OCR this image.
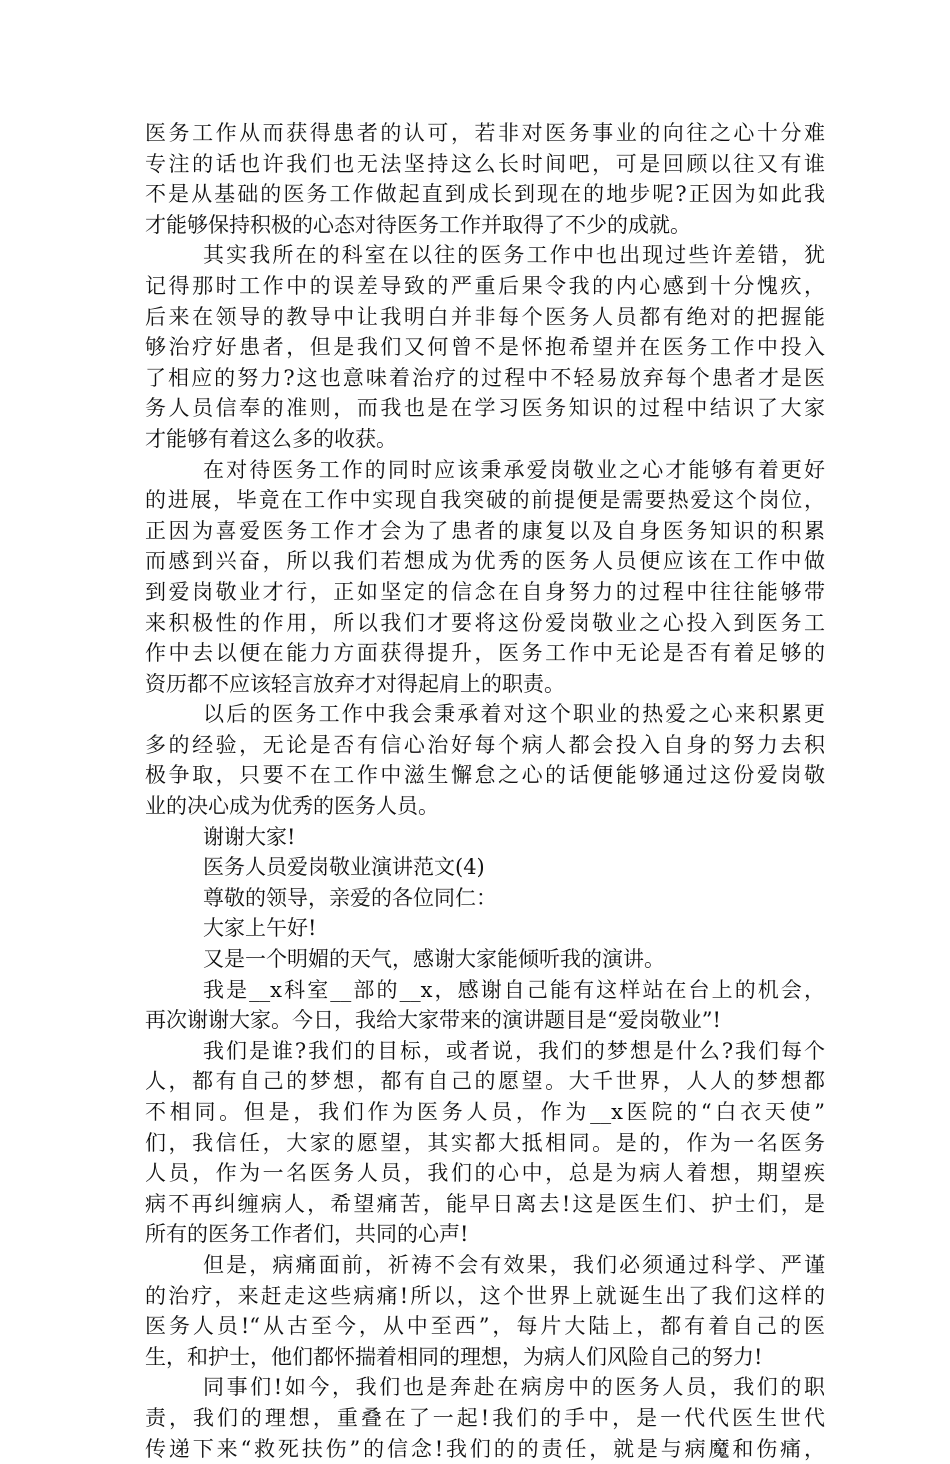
医务工作从而获得患者的认可，若非对医务事业的向往之心十分难
专注的话也许我们也无法坚持这么长时间吧，可是回顾以往又有谁
不是从基础的医务工作做起直到成长到现在的地步呢?正因为如此我
才能够保持积极的心态对待医务工作并取得了不少的成就。
其实我所在的科室在以往的医务工作中也出现过些许差错，犹
记得那时工作中的误差导致的严重后果令我的内心感到十分愧疚，
后来在领导的教导中让我明白并非每个医务人员都有绝对的把握能
够治疗好患者，但是我们又何曾不是怀抱希望并在医务工作中投入
了相应的努力?这也意味着治疗的过程中不轻易放弃每个患者才是医
务人员信奉的准则，而我也是在学习医务知识的过程中结识了大家
才能够有着这么多的收获。
在对待医务工作的同时应该秉承爱岗敬业之心才能够有着更好
的进展，毕竟在工作中实现自我突破的前提便是需要热爱这个岗位，
正因为喜爱医务工作才会为了患者的康复以及自身医务知识的积累
而感到兴奋，所以我们若想成为优秀的医务人员便应该在工作中做
到爱岗敬业才行，正如坚定的信念在自身努力的过程中往往能够带
来积极性的作用，所以我们才要将这份爱岗敬业之心投入到医务工
作中去以便在能力方面获得提升，医务工作中无论是否有着足够的
资历都不应该轻言放弃才对得起肩上的职责。
以后的医务工作中我会秉承着对这个职业的热爱之心来积累更
多的经验，无论是否有信心治好每个病人都会投入自身的努力去积
极争取，只要不在工作中滋生懈怠之心的话便能够通过这份爱岗敬
业的决心成为优秀的医务人员。
谢谢大家!
医务人员爱岗敬业演讲范文(4)
尊敬的领导，亲爱的各位同仁：
大家上午好!
又是一个明媚的天气，感谢大家能倾听我的演讲。
我是__x科室__部的__x，感谢自己能有这样站在台上的机会，
再次谢谢大家。今日，我给大家带来的演讲题目是“爱岗敬业”!
我们是谁?我们的目标，或者说，我们的梦想是什么?我们每个
人，都有自己的梦想，都有自己的愿望。大千世界，人人的梦想都
不相同。但是，我们作为医务人员，作为__x医院的“白衣天使”
们，我信任，大家的愿望，其实都大抵相同。是的，作为一名医务
人员，作为一名医务人员，我们的心中，总是为病人着想，期望疾
病不再纠缠病人，希望痛苦，能早日离去!这是医生们、护士们，是
所有的医务工作者们，共同的心声!
但是，病痛面前，祈祷不会有效果，我们必须通过科学、严谨
的治疗，来赶走这些病痛!所以，这个世界上就诞生出了我们这样的
医务人员!“从古至今，从中至西”，每片大陆上，都有着自己的医
生，和护士，他们都怀揣着相同的理想，为病人们风险自己的努力!
同事们!如今，我们也是奔赴在病房中的医务人员，我们的职
责，我们的理想，重叠在了一起!我们的手中，是一代代医生世代
传递下来“救死扶伤”的信念!我们的的责任，就是与病魔和伤痛，
